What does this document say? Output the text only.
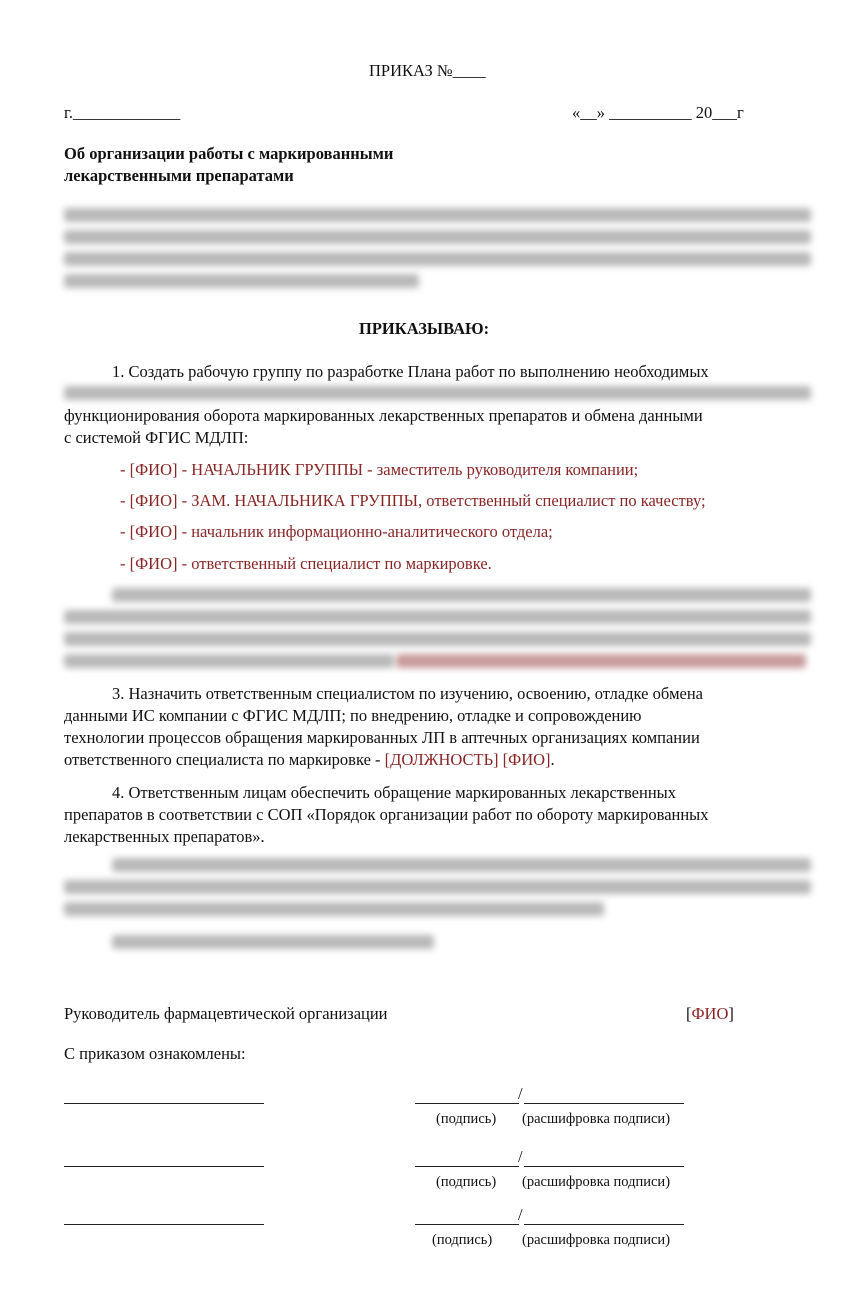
ПРИКАЗ №____
г._____________	«__» __________ 20___г
Об организации работы с маркированными
лекарственными препаратами
ПРИКАЗЫВАЮ:
1. Создать рабочую группу по разработке Плана работ по выполнению необходимых
функционирования оборота маркированных лекарственных препаратов и обмена данными
с системой ФГИС МДЛП:
- [ФИО] - НАЧАЛЬНИК ГРУППЫ - заместитель руководителя компании;
- [ФИО] - ЗАМ. НАЧАЛЬНИКА ГРУППЫ, ответственный специалист по качеству;
- [ФИО] - начальник информационно-аналитического отдела;
- [ФИО] - ответственный специалист по маркировке.
3. Назначить ответственным специалистом по изучению, освоению, отладке обмена
данными ИС компании с ФГИС МДЛП; по внедрению, отладке и сопровождению
технологии процессов обращения маркированных ЛП в аптечных организациях компании
ответственного специалиста по маркировке - [ДОЛЖНОСТЬ] [ФИО].
4. Ответственным лицам обеспечить обращение маркированных лекарственных
препаратов в соответствии с СОП «Порядок организации работ по обороту маркированных
лекарственных препаратов».
Руководитель фармацевтической организации	[ФИО]
С приказом ознакомлены:
/
(подпись) (расшифровка подписи)
/
(подпись) (расшифровка подписи)
/
(подпись) (расшифровка подписи)
